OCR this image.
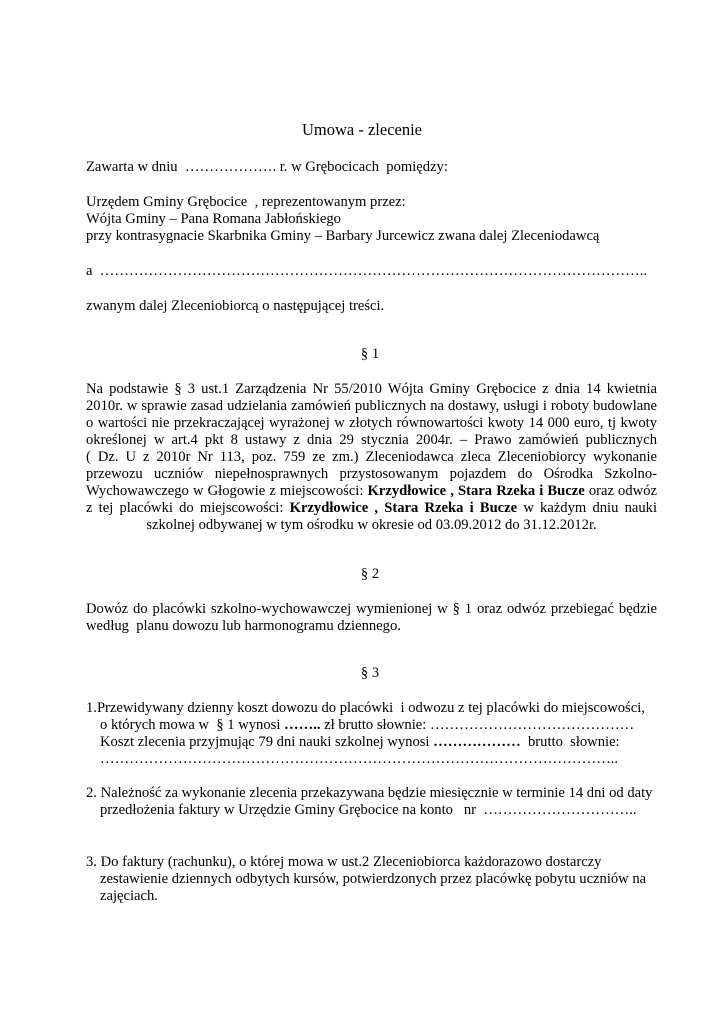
Umowa - zlecenie
Zawarta w dniu  ………………. r. w Grębocicach  pomiędzy:
Urzędem Gminy Grębocice  , reprezentowanym przez:
Wójta Gminy – Pana Romana Jabłońskiego
przy kontrasygnacie Skarbnika Gminy – Barbary Jurcewicz zwana dalej Zleceniodawcą
a  …………………………………………………………………………………………………..
zwanym dalej Zleceniobiorcą o następującej treści.
§ 1
Na podstawie § 3 ust.1 Zarządzenia Nr 55/2010 Wójta Gminy Grębocice z dnia 14 kwietnia
2010r. w sprawie zasad udzielania zamówień publicznych na dostawy, usługi i roboty budowlane
o wartości nie przekraczającej wyrażonej w złotych równowartości kwoty 14 000 euro, tj kwoty
określonej w art.4 pkt 8 ustawy z dnia 29 stycznia 2004r. – Prawo zamówień publicznych
( Dz. U z 2010r Nr 113, poz. 759 ze zm.) Zleceniodawca zleca Zleceniobiorcy wykonanie
przewozu uczniów niepełnosprawnych przystosowanym pojazdem do Ośrodka Szkolno-
Wychowawczego w Głogowie z miejscowości: Krzydłowice , Stara Rzeka i Bucze oraz odwóz
z tej placówki do miejscowości: Krzydłowice , Stara Rzeka i Bucze w każdym dniu nauki
szkolnej odbywanej w tym ośrodku w okresie od 03.09.2012 do 31.12.2012r.
§ 2
Dowóz do placówki szkolno-wychowawczej wymienionej w § 1 oraz odwóz przebiegać będzie
według  planu dowozu lub harmonogramu dziennego.
§ 3
1.Przewidywany dzienny koszt dowozu do placówki  i odwozu z tej placówki do miejscowości,
o których mowa w  § 1 wynosi …….. zł brutto słownie: ……………………………………
Koszt zlecenia przyjmując 79 dni nauki szkolnej wynosi ………………  brutto  słownie:
……………………………………………………………………………………………..
2. Należność za wykonanie zlecenia przekazywana będzie miesięcznie w terminie 14 dni od daty
przedłożenia faktury w Urzędzie Gminy Grębocice na konto   nr  …………………………..
3. Do faktury (rachunku), o której mowa w ust.2 Zleceniobiorca każdorazowo dostarczy
zestawienie dziennych odbytych kursów, potwierdzonych przez placówkę pobytu uczniów na
zajęciach.
